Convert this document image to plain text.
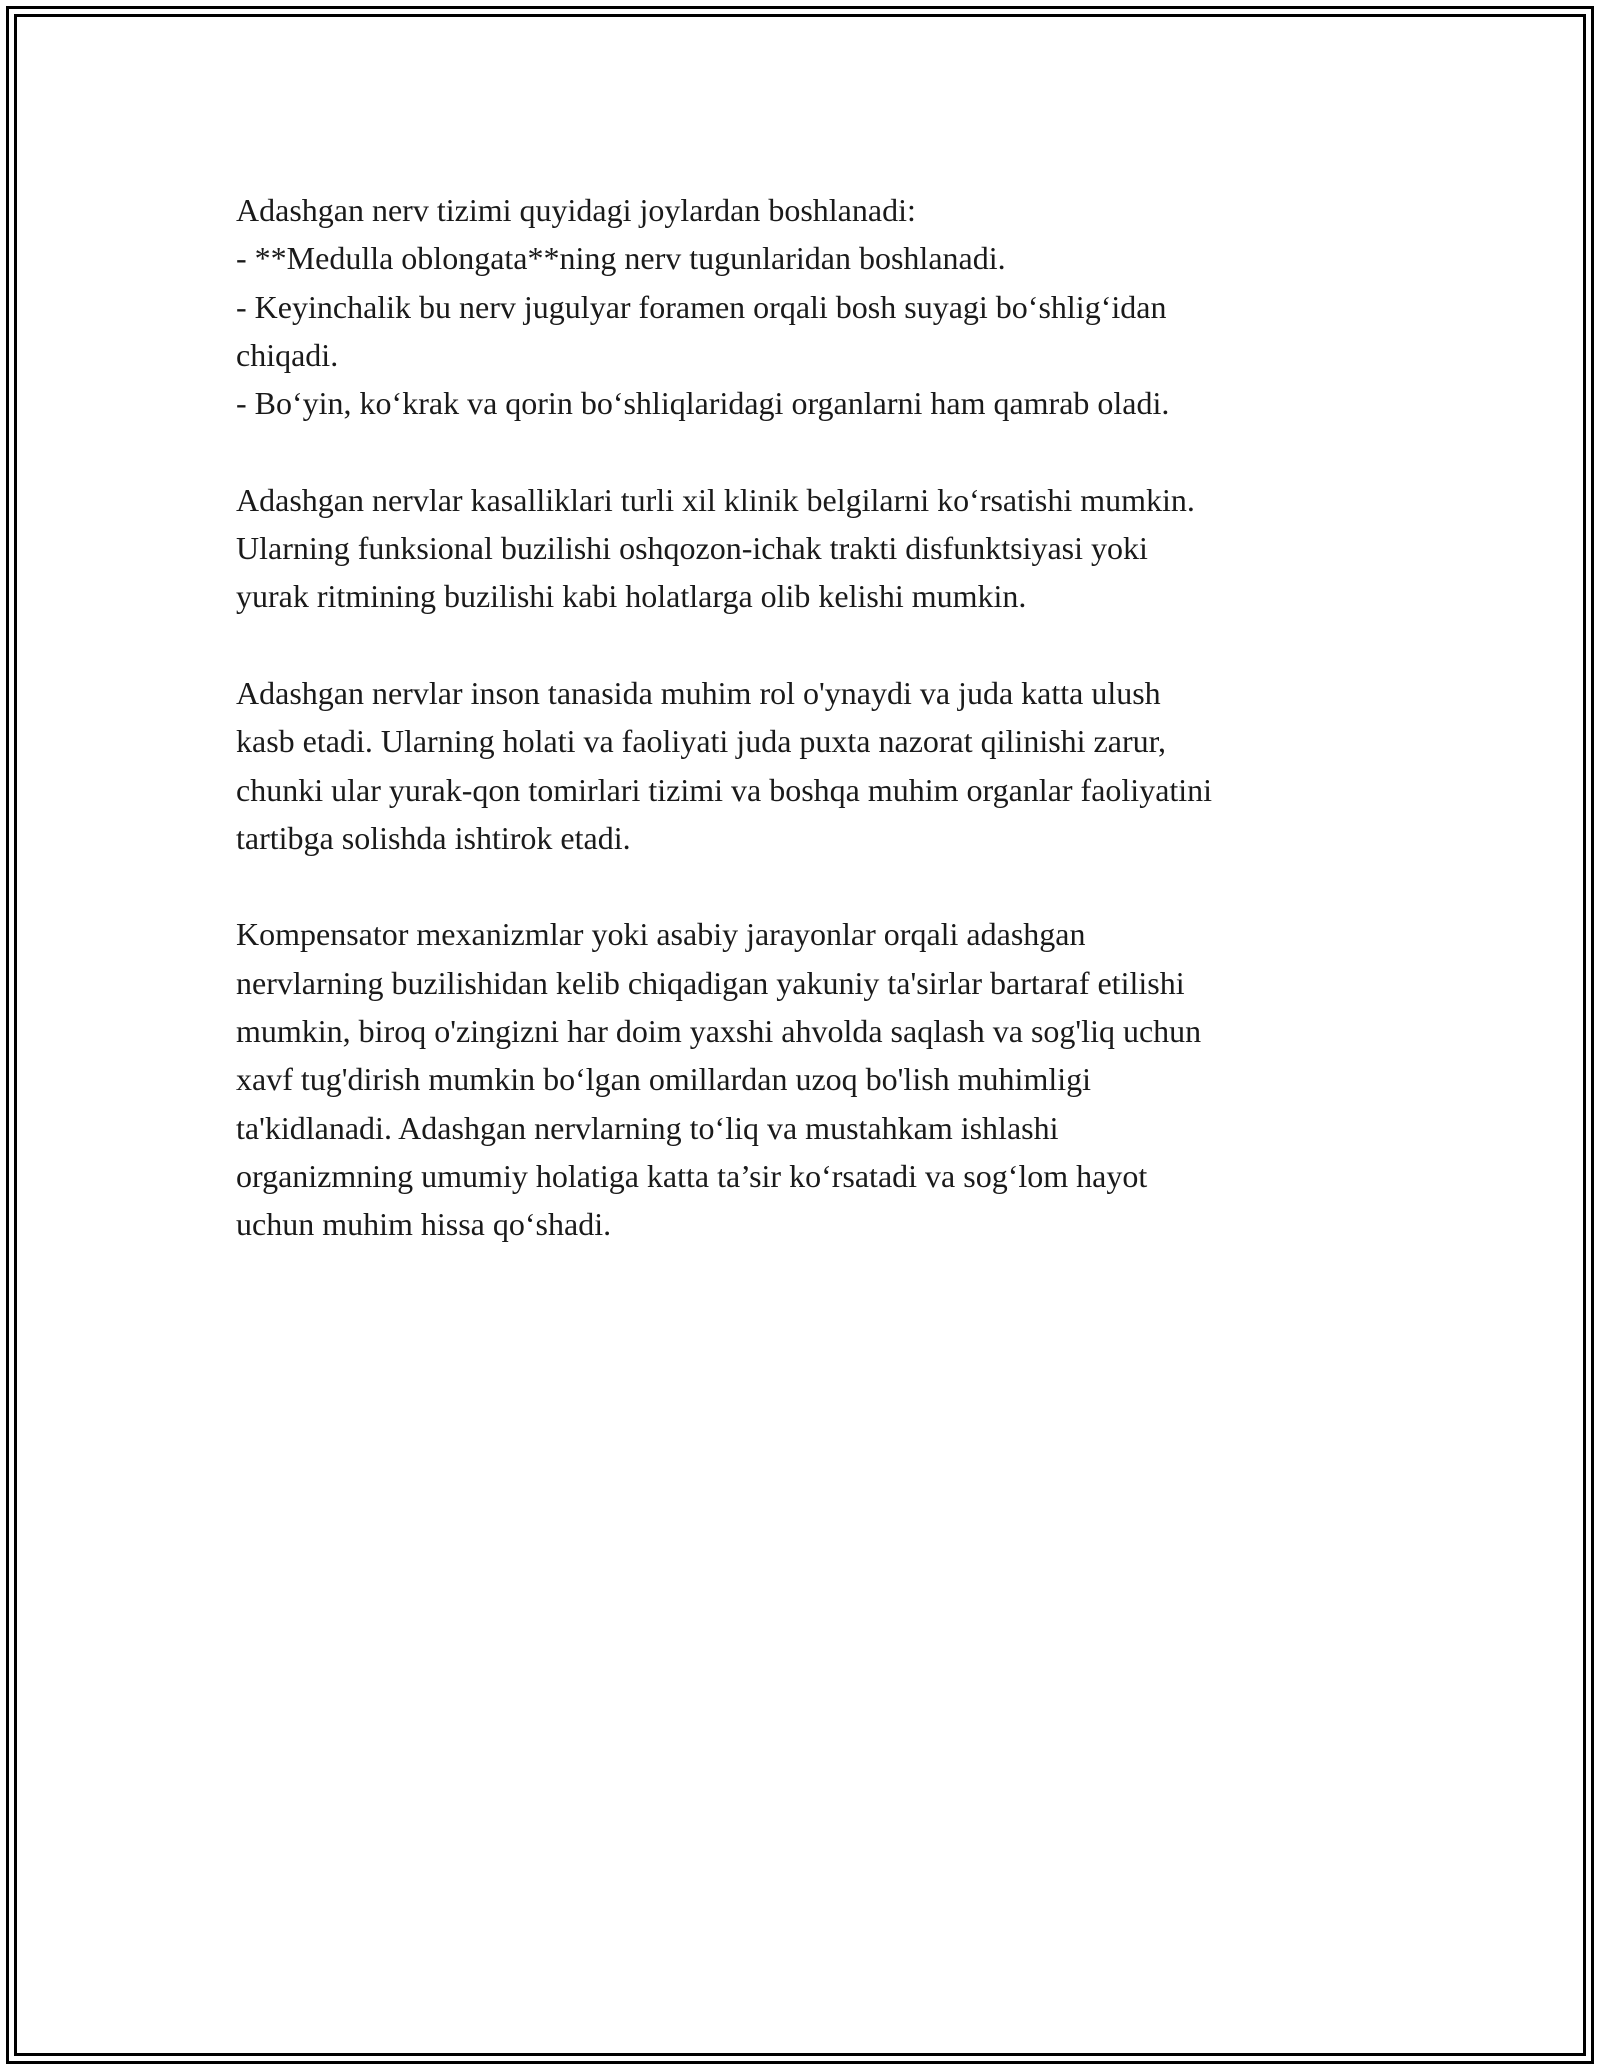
Adashgan nerv tizimi quyidagi joylardan boshlanadi:
- **Medulla oblongata**ning nerv tugunlaridan boshlanadi.
- Keyinchalik bu nerv jugulyar foramen orqali bosh suyagi bo‘shlig‘idan
chiqadi.
- Bo‘yin, ko‘krak va qorin bo‘shliqlaridagi organlarni ham qamrab oladi.

Adashgan nervlar kasalliklari turli xil klinik belgilarni ko‘rsatishi mumkin.
Ularning funksional buzilishi oshqozon-ichak trakti disfunktsiyasi yoki
yurak ritmining buzilishi kabi holatlarga olib kelishi mumkin.

Adashgan nervlar inson tanasida muhim rol o'ynaydi va juda katta ulush
kasb etadi. Ularning holati va faoliyati juda puxta nazorat qilinishi zarur,
chunki ular yurak-qon tomirlari tizimi va boshqa muhim organlar faoliyatini
tartibga solishda ishtirok etadi.

Kompensator mexanizmlar yoki asabiy jarayonlar orqali adashgan
nervlarning buzilishidan kelib chiqadigan yakuniy ta'sirlar bartaraf etilishi
mumkin, biroq o'zingizni har doim yaxshi ahvolda saqlash va sog'liq uchun
xavf tug'dirish mumkin bo‘lgan omillardan uzoq bo'lish muhimligi
ta'kidlanadi. Adashgan nervlarning to‘liq va mustahkam ishlashi
organizmning umumiy holatiga katta ta’sir ko‘rsatadi va sog‘lom hayot
uchun muhim hissa qo‘shadi.
